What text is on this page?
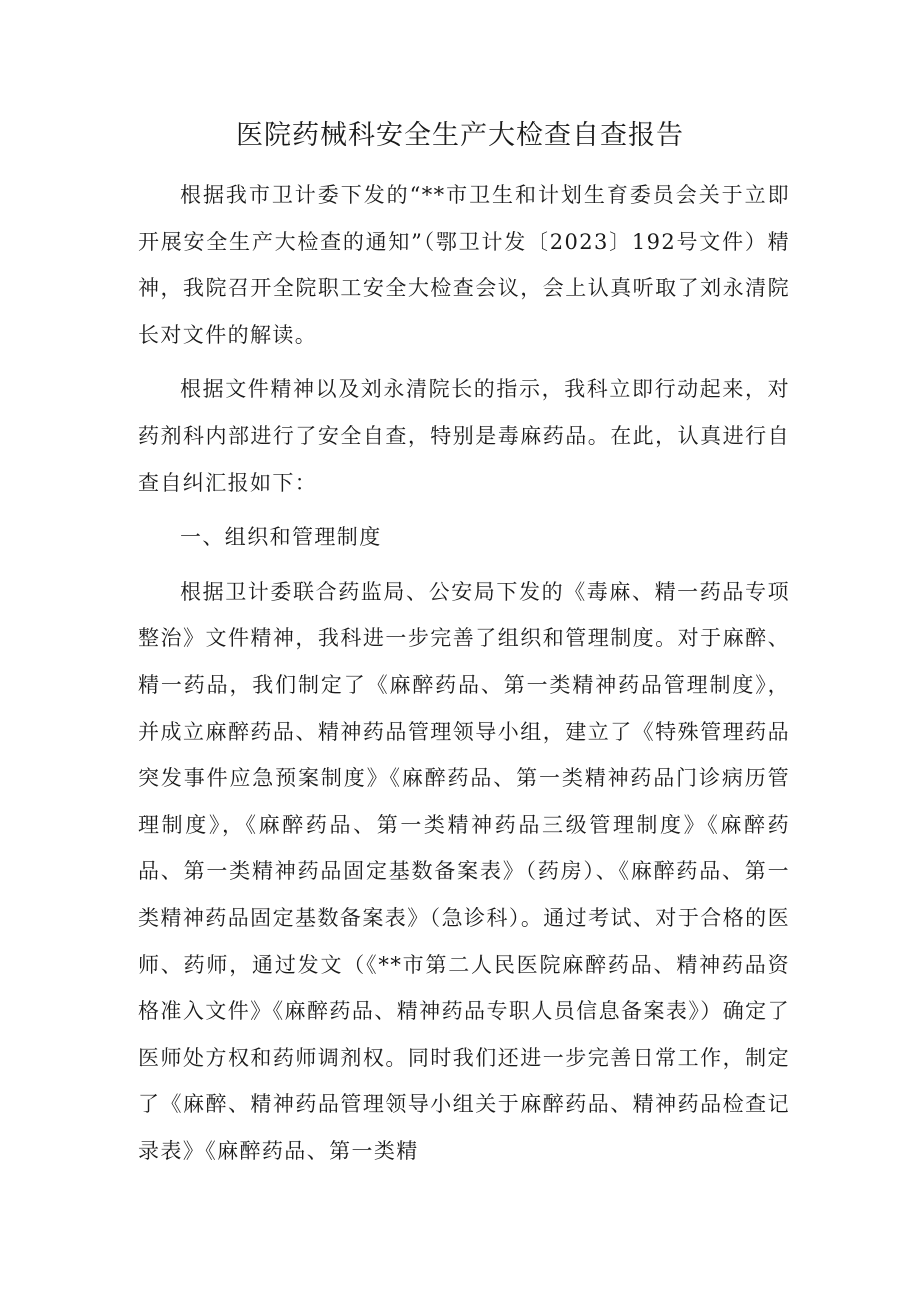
医院药械科安全生产大检查自查报告

根据我市卫计委下发的“**市卫生和计划生育委员会关于立即开展安全生产大检查的通知”（鄂卫计发〔2023〕192号文件）精神，我院召开全院职工安全大检查会议，会上认真听取了刘永清院长对文件的解读。

根据文件精神以及刘永清院长的指示，我科立即行动起来，对药剂科内部进行了安全自查，特别是毒麻药品。在此，认真进行自查自纠汇报如下：

一、组织和管理制度

根据卫计委联合药监局、公安局下发的《毒麻、精一药品专项整治》文件精神，我科进一步完善了组织和管理制度。对于麻醉、精一药品，我们制定了《麻醉药品、第一类精神药品管理制度》，并成立麻醉药品、精神药品管理领导小组，建立了《特殊管理药品突发事件应急预案制度》《麻醉药品、第一类精神药品门诊病历管理制度》，《麻醉药品、第一类精神药品三级管理制度》《麻醉药品、第一类精神药品固定基数备案表》（药房）、《麻醉药品、第一类精神药品固定基数备案表》（急诊科）。通过考试、对于合格的医师、药师，通过发文（《**市第二人民医院麻醉药品、精神药品资格准入文件》《麻醉药品、精神药品专职人员信息备案表》）确定了医师处方权和药师调剂权。同时我们还进一步完善日常工作，制定了《麻醉、精神药品管理领导小组关于麻醉药品、精神药品检查记录表》《麻醉药品、第一类精
